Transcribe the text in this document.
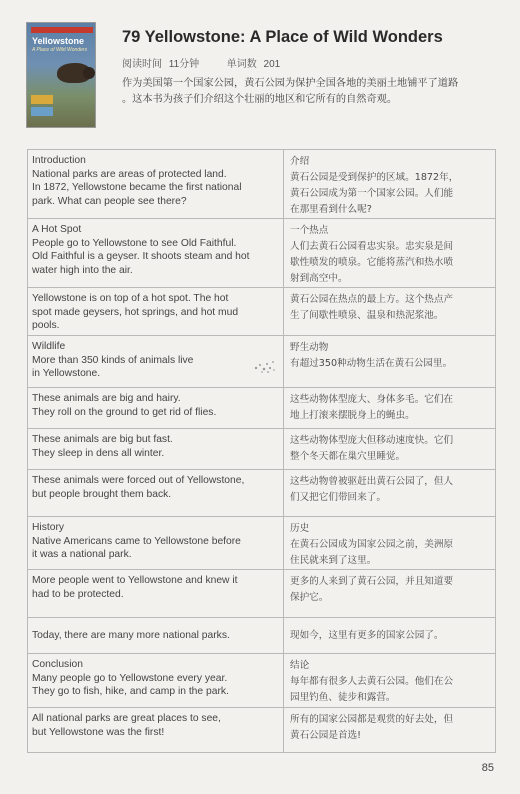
Yellowstone
A Place of Wild Wonders
79 Yellowstone: A Place of Wild Wonders
阅读时间 11分钟	单词数 201
作为美国第一个国家公园，黄石公园为保护全国各地的美丽土地铺平了道路
。这本书为孩子们介绍这个壮丽的地区和它所有的自然奇观。
Introduction
National parks are areas of protected land.
In 1872, Yellowstone became the first national
park. What can people see there?	介绍
黄石公园是受到保护的区域。1872年，
黄石公园成为第一个国家公园。人们能
在那里看到什么呢?

A Hot Spot
People go to Yellowstone to see Old Faithful.
Old Faithful is a geyser. It shoots steam and hot
water high into the air.	一个热点
人们去黄石公园看忠实泉。忠实泉是间
歇性喷发的喷泉。它能将蒸汽和热水喷
射到高空中。

Yellowstone is on top of a hot spot. The hot
spot made geysers, hot springs, and hot mud
pools.	黄石公园在热点的最上方。这个热点产
生了间歇性喷泉、温泉和热泥浆池。

Wildlife
More than 350 kinds of animals live
in Yellowstone.	野生动物
有超过350种动物生活在黄石公园里。

These animals are big and hairy.
They roll on the ground to get rid of flies.	这些动物体型庞大、身体多毛。它们在
地上打滚来摆脱身上的蝇虫。

These animals are big but fast.
They sleep in dens all winter.	这些动物体型庞大但移动速度快。它们
整个冬天都在巢穴里睡觉。

These animals were forced out of Yellowstone,
but people brought them back.	这些动物曾被驱赶出黄石公园了，但人
们又把它们带回来了。

History
Native Americans came to Yellowstone before
it was a national park.	历史
在黄石公园成为国家公园之前，美洲原
住民就来到了这里。

More people went to Yellowstone and knew it
had to be protected.	更多的人来到了黄石公园，并且知道要
保护它。

Today, there are many more national parks.	现如今，这里有更多的国家公园了。

Conclusion
Many people go to Yellowstone every year.
They go to fish, hike, and camp in the park.	结论
每年都有很多人去黄石公园。他们在公
园里钓鱼、徒步和露营。

All national parks are great places to see,
but Yellowstone was the first!	所有的国家公园都是观赏的好去处，但
黄石公园是首选!
85
